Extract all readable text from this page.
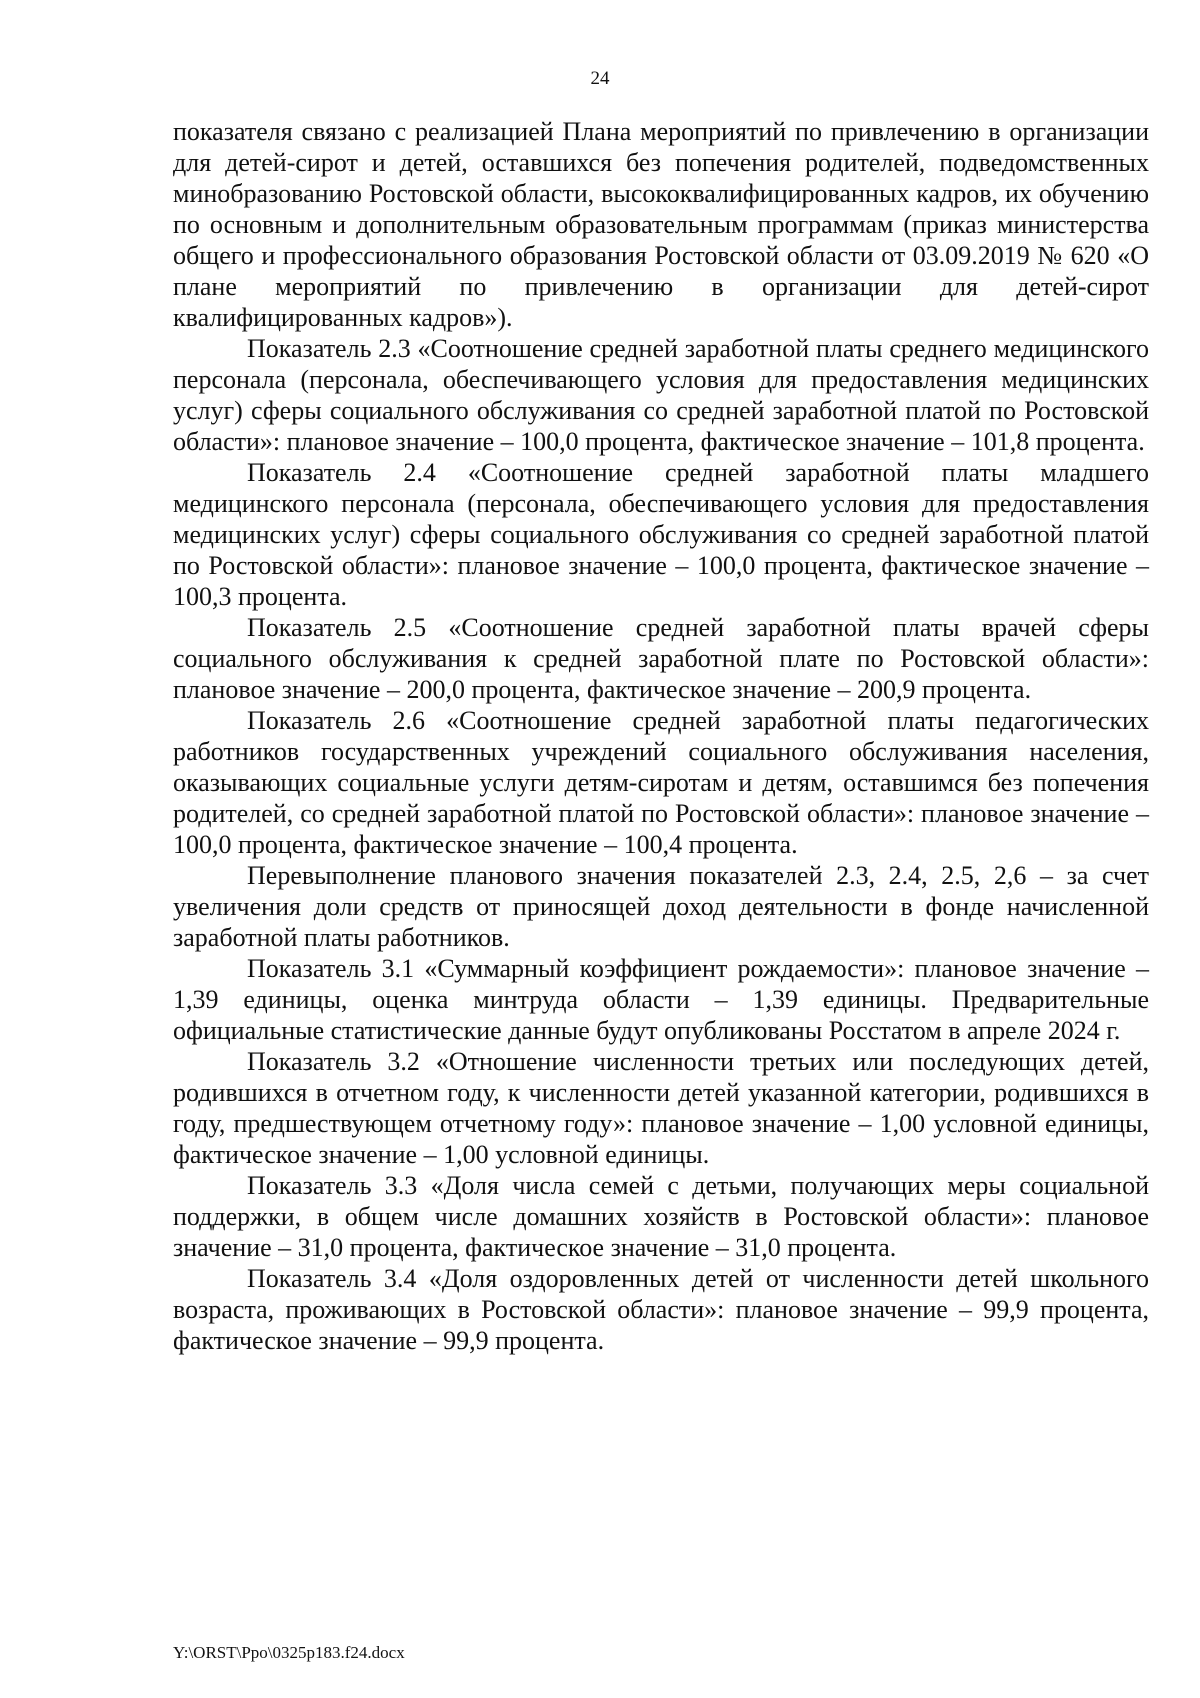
24

показателя связано с реализацией Плана мероприятий по привлечению в организации для детей-сирот и детей, оставшихся без попечения родителей, подведомственных минобразованию Ростовской области, высококвалифицированных кадров, их обучению по основным и дополнительным образовательным программам (приказ министерства общего и профессионального образования Ростовской области от 03.09.2019 № 620 «О плане мероприятий по привлечению в организации для детей-сирот квалифицированных кадров»).

Показатель 2.3 «Соотношение средней заработной платы среднего медицинского персонала (персонала, обеспечивающего условия для предоставления медицинских услуг) сферы социального обслуживания со средней заработной платой по Ростовской области»: плановое значение – 100,0 процента, фактическое значение – 101,8 процента.

Показатель 2.4 «Соотношение средней заработной платы младшего медицинского персонала (персонала, обеспечивающего условия для предоставления медицинских услуг) сферы социального обслуживания со средней заработной платой по Ростовской области»: плановое значение – 100,0 процента, фактическое значение – 100,3 процента.

Показатель 2.5 «Соотношение средней заработной платы врачей сферы социального обслуживания к средней заработной плате по Ростовской области»: плановое значение – 200,0 процента, фактическое значение – 200,9 процента.

Показатель 2.6 «Соотношение средней заработной платы педагогических работников государственных учреждений социального обслуживания населения, оказывающих социальные услуги детям-сиротам и детям, оставшимся без попечения родителей, со средней заработной платой по Ростовской области»: плановое значение – 100,0 процента, фактическое значение – 100,4 процента.

Перевыполнение планового значения показателей 2.3, 2.4, 2.5, 2,6 – за счет увеличения доли средств от приносящей доход деятельности в фонде начисленной заработной платы работников.

Показатель 3.1 «Суммарный коэффициент рождаемости»: плановое значение – 1,39 единицы, оценка минтруда области – 1,39 единицы. Предварительные официальные статистические данные будут опубликованы Росстатом в апреле 2024 г.

Показатель 3.2 «Отношение численности третьих или последующих детей, родившихся в отчетном году, к численности детей указанной категории, родившихся в году, предшествующем отчетному году»: плановое значение – 1,00 условной единицы, фактическое значение – 1,00 условной единицы.

Показатель 3.3 «Доля числа семей с детьми, получающих меры социальной поддержки, в общем числе домашних хозяйств в Ростовской области»: плановое значение – 31,0 процента, фактическое значение – 31,0 процента.

Показатель 3.4 «Доля оздоровленных детей от численности детей школьного возраста, проживающих в Ростовской области»: плановое значение – 99,9 процента, фактическое значение – 99,9 процента.

Y:\ORST\Ppo\0325p183.f24.docx
